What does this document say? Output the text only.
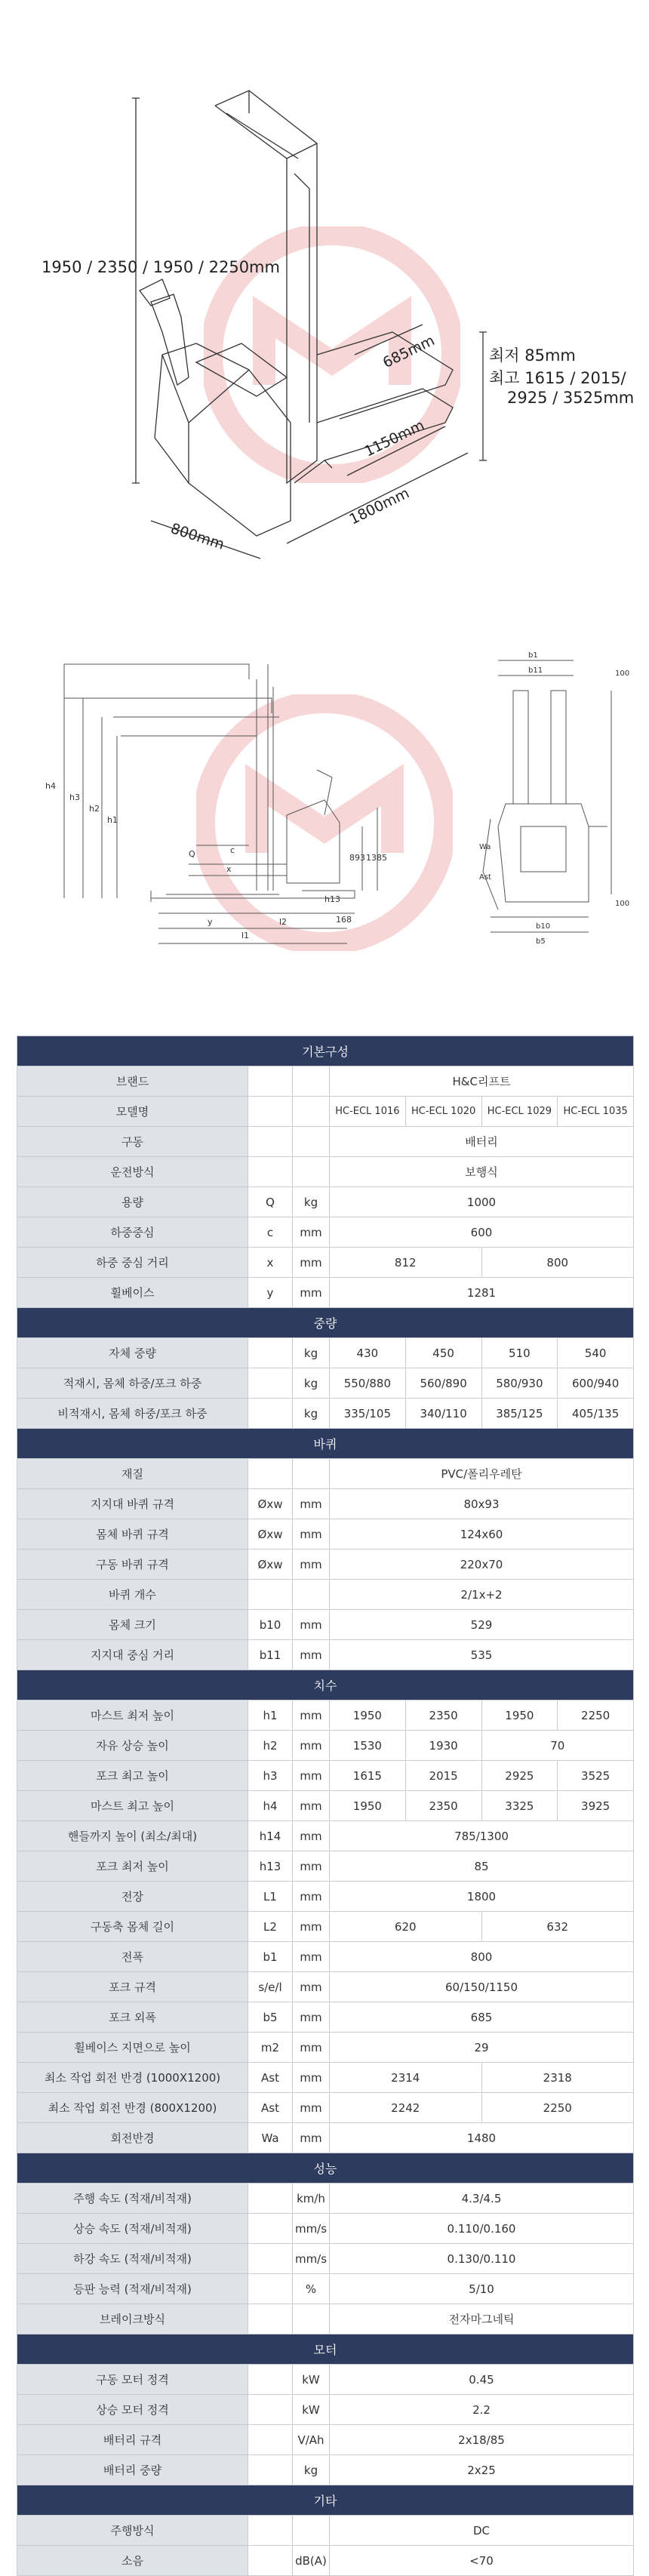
1950 / 2350 / 1950 / 2250mm
최저 85mm
최고 1615 / 2015/
2925 / 3525mm
800mm
1800mm
1150mm
685mm
h4
h3
h2
h1
Q	c
x
y
l1
l2
h13
893 1385
168
b1
b11	100
Wa
Ast
b10
b5
100
기본구성						
브랜드			H&C리프트			
모델명			HC-ECL 1016	HC-ECL 1020	HC-ECL 1029	HC-ECL 1035
구동			배터리			
운전방식			보행식			
용량	Q	kg	1000			
하중중심	c	mm	600			
하중 중심 거리	x	mm	812		800	
휠베이스	y	mm	1281			
중량						
자체 중량		kg	430	450	510	540
적재시, 몸체 하중/포크 하중		kg	550/880	560/890	580/930	600/940
비적재시, 몸체 하중/포크 하중		kg	335/105	340/110	385/125	405/135
바퀴						
재질			PVC/폴리우레탄			
지지대 바퀴 규격	Øxw	mm	80x93			
몸체 바퀴 규격	Øxw	mm	124x60			
구동 바퀴 규격	Øxw	mm	220x70			
바퀴 개수			2/1x+2			
몸체 크기	b10	mm	529			
지지대 중심 거리	b11	mm	535			
치수						
마스트 최저 높이	h1	mm	1950	2350	1950	2250
자유 상승 높이	h2	mm	1530	1930	70	
포크 최고 높이	h3	mm	1615	2015	2925	3525
마스트 최고 높이	h4	mm	1950	2350	3325	3925
핸들까지 높이 (최소/최대)	h14	mm	785/1300			
포크 최저 높이	h13	mm	85			
전장	L1	mm	1800			
구동축 몸체 길이	L2	mm	620		632	
전폭	b1	mm	800			
포크 규격	s/e/l	mm	60/150/1150			
포크 외폭	b5	mm	685			
휠베이스 지면으로 높이	m2	mm	29			
최소 작업 회전 반경 (1000X1200)	Ast	mm	2314		2318	
최소 작업 회전 반경 (800X1200)	Ast	mm	2242		2250	
회전반경	Wa	mm	1480			
성능						
주행 속도 (적재/비적재)		km/h	4.3/4.5			
상승 속도 (적재/비적재)		mm/s	0.110/0.160			
하강 속도 (적재/비적재)		mm/s	0.130/0.110			
등판 능력 (적재/비적재)		%	5/10			
브레이크방식			전자마그네틱			
모터						
구동 모터 정격		kW	0.45			
상승 모터 정격		kW	2.2			
배터리 규격		V/Ah	2x18/85			
배터리 중량		kg	2x25			
기타						
주행방식			DC			
소음		dB(A)	<70			
